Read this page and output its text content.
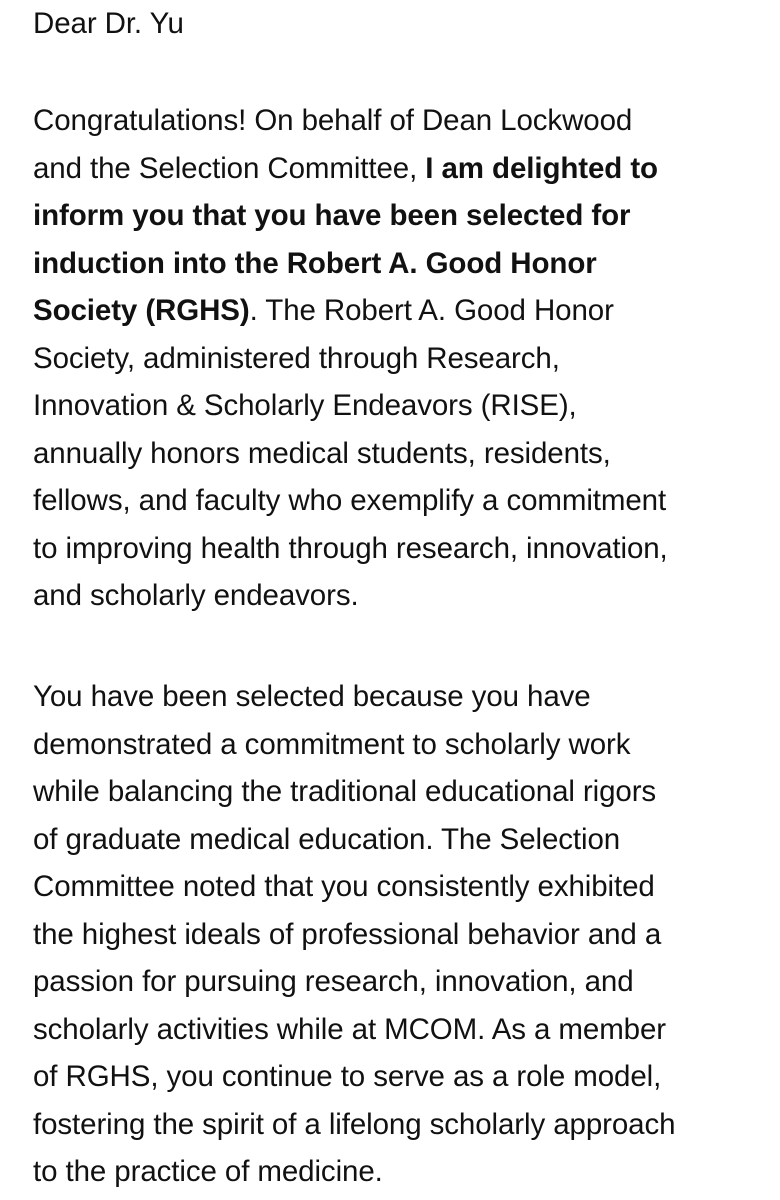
Dear Dr. Yu
Congratulations! On behalf of Dean Lockwood
and the Selection Committee, I am delighted to
inform you that you have been selected for
induction into the Robert A. Good Honor
Society (RGHS). The Robert A. Good Honor
Society, administered through Research,
Innovation & Scholarly Endeavors (RISE),
annually honors medical students, residents,
fellows, and faculty who exemplify a commitment
to improving health through research, innovation,
and scholarly endeavors.
You have been selected because you have
demonstrated a commitment to scholarly work
while balancing the traditional educational rigors
of graduate medical education. The Selection
Committee noted that you consistently exhibited
the highest ideals of professional behavior and a
passion for pursuing research, innovation, and
scholarly activities while at MCOM. As a member
of RGHS, you continue to serve as a role model,
fostering the spirit of a lifelong scholarly approach
to the practice of medicine.
